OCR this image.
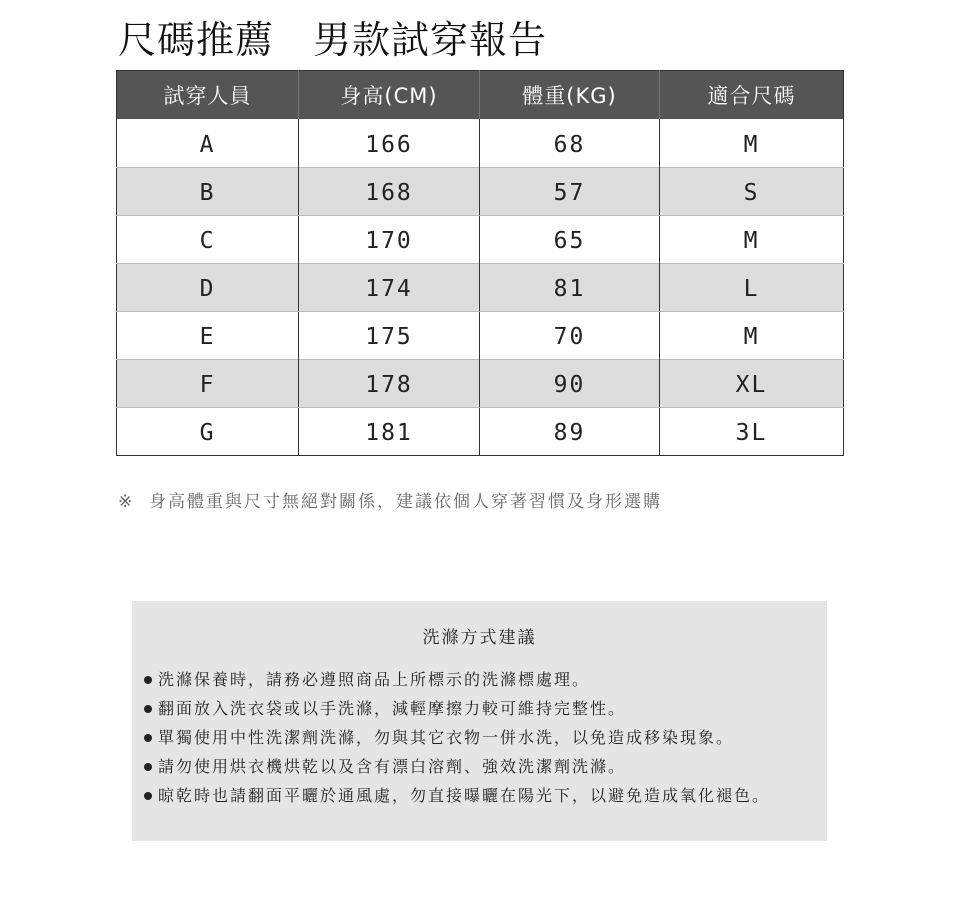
尺碼推薦　男款試穿報告
試穿人員	身高(CM)	體重(KG)	適合尺碼
A	166	68	M
B	168	57	S
C	170	65	M
D	174	81	L
E	175	70	M
F	178	90	XL
G	181	89	3L
※  身高體重與尺寸無絕對關係，建議依個人穿著習慣及身形選購
洗滌方式建議
洗滌保養時，請務必遵照商品上所標示的洗滌標處理。
翻面放入洗衣袋或以手洗滌，減輕摩擦力較可維持完整性。
單獨使用中性洗潔劑洗滌，勿與其它衣物一併水洗，以免造成移染現象。
請勿使用烘衣機烘乾以及含有漂白溶劑、強效洗潔劑洗滌。
晾乾時也請翻面平曬於通風處，勿直接曝曬在陽光下，以避免造成氧化褪色。
